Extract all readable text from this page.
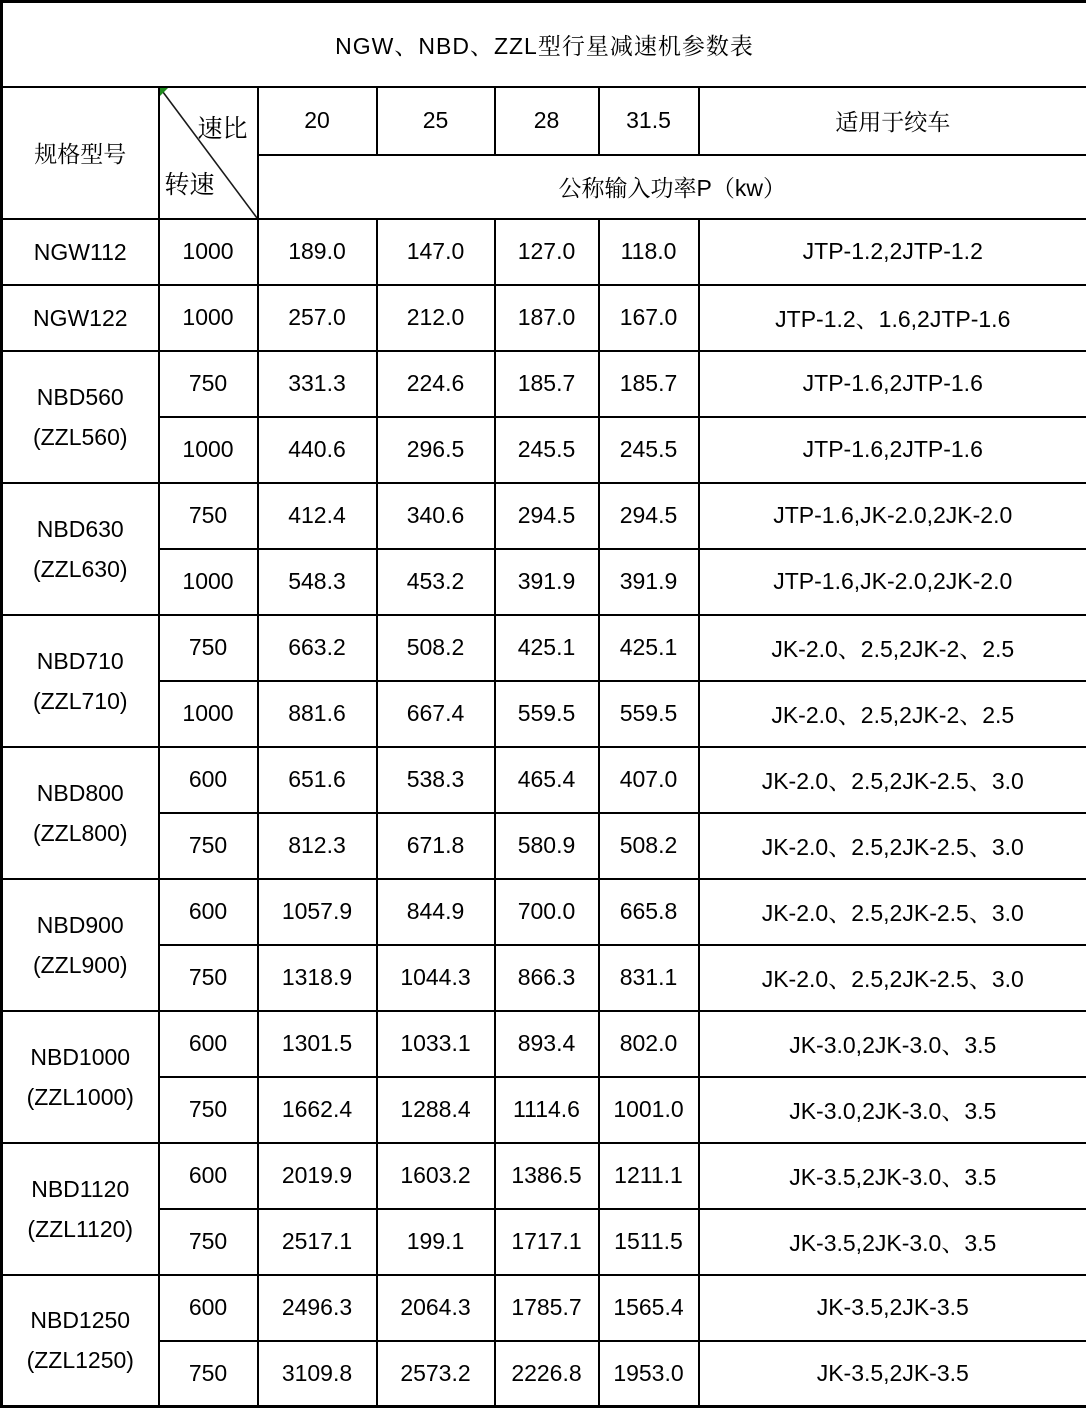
NGW、NBD、ZZL型行星减速机参数表						
规格型号	速比
转速	20	25	28	31.5	适用于绞车
		公称输入功率P（kw）				

NGW112	1000	189.0	147.0	127.0	118.0	JTP-1.2,2JTP-1.2

NGW122	1000	257.0	212.0	187.0	167.0	JTP-1.2、1.6,2JTP-1.6

NBD560
(ZZL560)	750	331.3	224.6	185.7	185.7	JTP-1.6,2JTP-1.6
	1000	440.6	296.5	245.5	245.5	JTP-1.6,2JTP-1.6

NBD630
(ZZL630)	750	412.4	340.6	294.5	294.5	JTP-1.6,JK-2.0,2JK-2.0
	1000	548.3	453.2	391.9	391.9	JTP-1.6,JK-2.0,2JK-2.0

NBD710
(ZZL710)	750	663.2	508.2	425.1	425.1	JK-2.0、2.5,2JK-2、2.5
	1000	881.6	667.4	559.5	559.5	JK-2.0、2.5,2JK-2、2.5

NBD800
(ZZL800)	600	651.6	538.3	465.4	407.0	JK-2.0、2.5,2JK-2.5、3.0
	750	812.3	671.8	580.9	508.2	JK-2.0、2.5,2JK-2.5、3.0

NBD900
(ZZL900)	600	1057.9	844.9	700.0	665.8	JK-2.0、2.5,2JK-2.5、3.0
	750	1318.9	1044.3	866.3	831.1	JK-2.0、2.5,2JK-2.5、3.0

NBD1000
(ZZL1000)	600	1301.5	1033.1	893.4	802.0	JK-3.0,2JK-3.0、3.5
	750	1662.4	1288.4	1114.6	1001.0	JK-3.0,2JK-3.0、3.5

NBD1120
(ZZL1120)	600	2019.9	1603.2	1386.5	1211.1	JK-3.5,2JK-3.0、3.5
	750	2517.1	199.1	1717.1	1511.5	JK-3.5,2JK-3.0、3.5

NBD1250
(ZZL1250)	600	2496.3	2064.3	1785.7	1565.4	JK-3.5,2JK-3.5
	750	3109.8	2573.2	2226.8	1953.0	JK-3.5,2JK-3.5
